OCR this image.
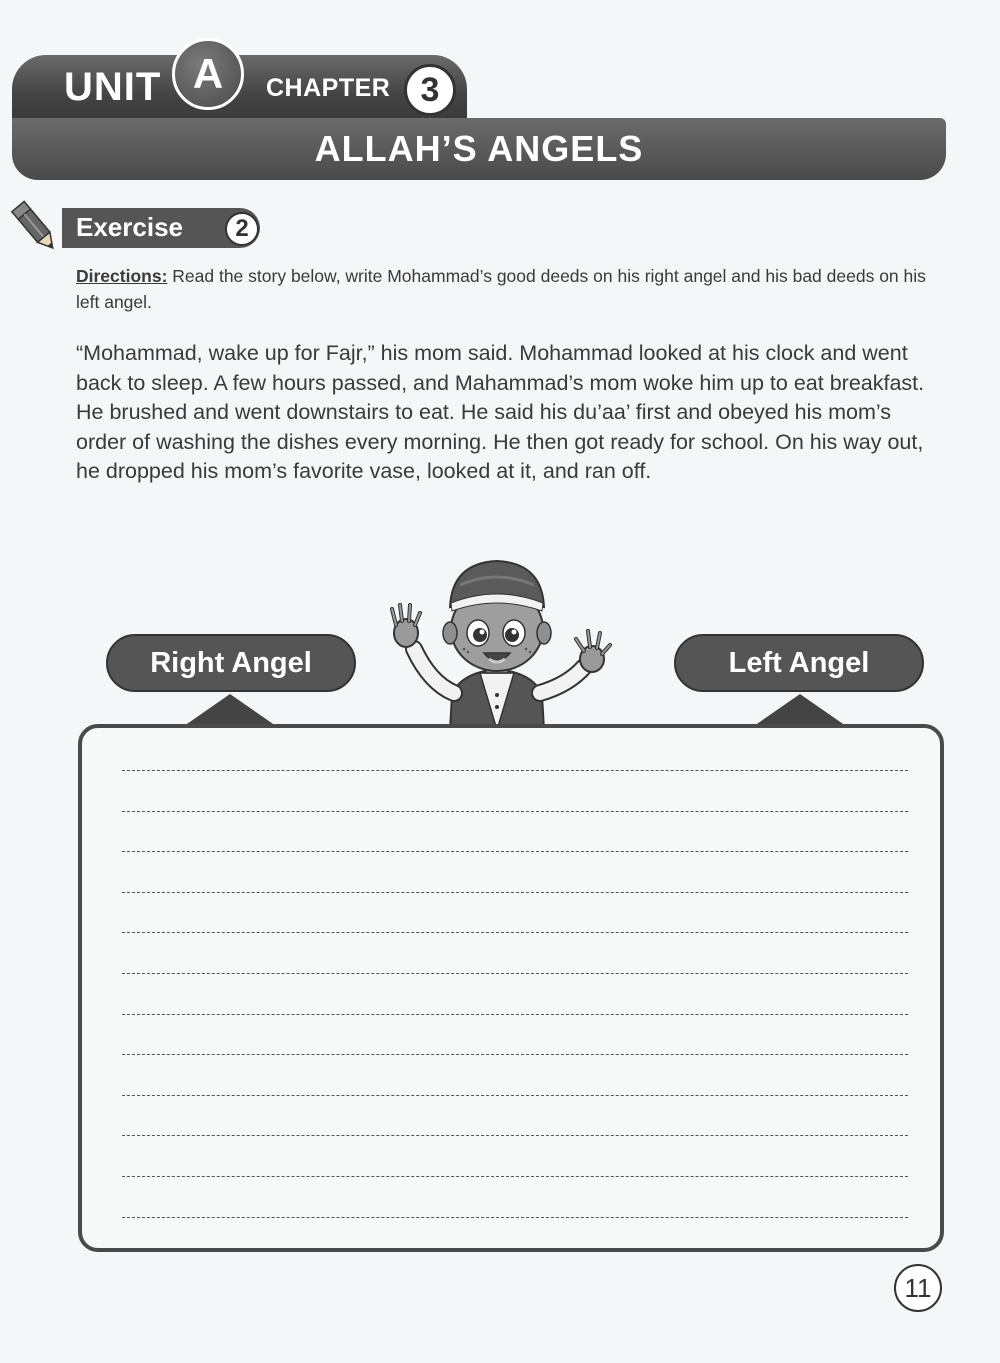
UNIT A	CHAPTER 3
ALLAH’S ANGELS
Exercise	2
Directions: Read the story below, write Mohammad’s good deeds on his right angel and his bad deeds on his left angel.
“Mohammad, wake up for Fajr,” his mom said. Mohammad looked at his clock and went back to sleep. A few hours passed, and Mahammad’s mom woke him up to eat breakfast. He brushed and went downstairs to eat. He said his du’aa’ first and obeyed his mom’s order of washing the dishes every morning. He then got ready for school. On his way out, he dropped his mom’s favorite vase, looked at it, and ran off.
Right Angel	Left Angel
11
